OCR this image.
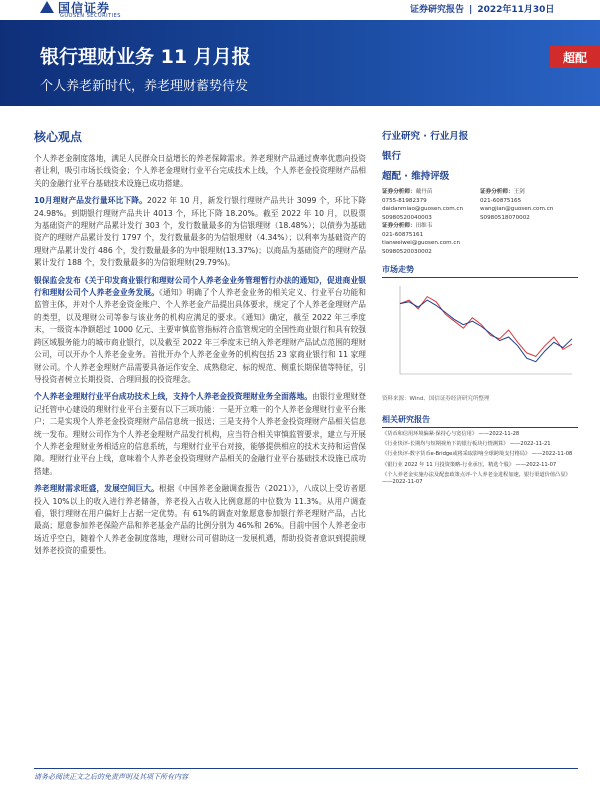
国信证券
GUOSEN SECURITIES
证券研究报告 | 2022年11月30日
银行理财业务 11 月月报
个人养老新时代，养老理财蓄势待发
超配
核心观点
个人养老金制度落地，满足人民群众日益增长的养老保障需求。养老理财产品通过费率优惠向投资者让利，吸引市场长线资金；个人养老金理财行业平台完成技术上线，个人养老金投资理财产品相关的金融行业平台基础技术设施已成功搭建。
10月理财产品发行量环比下降。2022 年 10 月，新发行银行理财产品共计 3099 个，环比下降 24.98%。到期银行理财产品共计 4013 个，环比下降 18.20%。截至 2022 年 10 月，以股票为基础资产的理财产品累计发行 303 个，发行数量最多的为信银理财（18.48%）；以债券为基础资产的理财产品累计发行 1797 个，发行数量最多的为信银理财（4.34%）；以利率为基础资产的理财产品累计发行 486 个，发行数量最多的为中银理财(13.37%)；以商品为基础资产的理财产品累计发行 188 个，发行数量最多的为信银理财(29.79%)。
银保监会发布《关于印发商业银行和理财公司个人养老金业务管理暂行办法的通知》，促进商业银行和理财公司个人养老金业务发展。《通知》明确了个人养老金业务的相关定义、行业平台功能和监管主体，并对个人养老金资金账户、个人养老金产品提出具体要求，规定了个人养老金理财产品的类型，以及理财公司等参与该业务的机构应满足的要求。《通知》确定，截至 2022 年三季度末，一级资本净额超过 1000 亿元、主要审慎监管指标符合监管规定的全国性商业银行和具有较强跨区域服务能力的城市商业银行，以及截至 2022 年三季度末已纳入养老理财产品试点范围的理财公司，可以开办个人养老金业务。首批开办个人养老金业务的机构包括 23 家商业银行和 11 家理财公司。个人养老金理财产品需要具备运作安全、成熟稳定、标的规范、侧重长期保值等特征，引导投资者树立长期投资、合理回报的投资理念。
个人养老金理财行业平台成功技术上线，支持个人养老金投资理财业务全面落地。由银行业理财登记托管中心建设的理财行业平台主要有以下三项功能：一是开立唯一的个人养老金理财行业平台账户；二是实现个人养老金投资理财产品信息统一报送；三是支持个人养老金投资理财产品相关信息统一发布。理财公司作为个人养老金理财产品发行机构，应当符合相关审慎监管要求，建立与开展个人养老金理财业务相适应的信息系统，与理财行业平台对接，能够提供相应的技术支持和运营保障。理财行业平台上线，意味着个人养老金投资理财产品相关的金融行业平台基础技术设施已成功搭建。
养老理财需求旺盛，发展空间巨大。根据《中国养老金融调查报告（2021）》，八成以上受访者愿投入 10%以上的收入进行养老储备，养老投入占收入比例意愿的中位数为 11.3%。从用户调查看，银行理财在用户偏好上占据一定优势。有 61%的调查对象愿意参加银行养老理财产品，占比最高；愿意参加养老保险产品和养老基金产品的比例分别为 46%和 26%。目前中国个人养老金市场近乎空白，随着个人养老金制度落地，理财公司可借助这一发展机遇，帮助投资者意识到提前规划养老投资的重要性。
行业研究 · 行业月报
银行
超配 · 维持评级
证券分析师：戴丹苗
0755-81982379
daidanmiao@guosen.com.cn
S0980520040003
证券分析师：王剑
021-60875165
wangjian@guosen.com.cn
S0980518070002
证券分析师：田维韦
021-60875161
tianweiwei@guosen.com.cn
S0980520030002
市场走势
资料来源：Wind、国信证券经济研究所整理
相关研究报告
《货币和信用环境偏紧·保持心与宽信用》 ——2022-11-28
《行业快评-长期均与短期视角下的银行板块行情测算》 ——2022-11-21
《行业快评-数字货币e-Bridge或将采取影响全球跨境支付格局》 ——2022-11-08
《银行业 2022 年 11 月投资策略-行业承压，精选个股》 ——2022-11-07
《个人养老金实施办法及配套政策点评-个人养老金进程加速，银行渠道价值凸显》 ——2022-11-07
请务必阅读正文之后的免责声明及其项下所有内容
